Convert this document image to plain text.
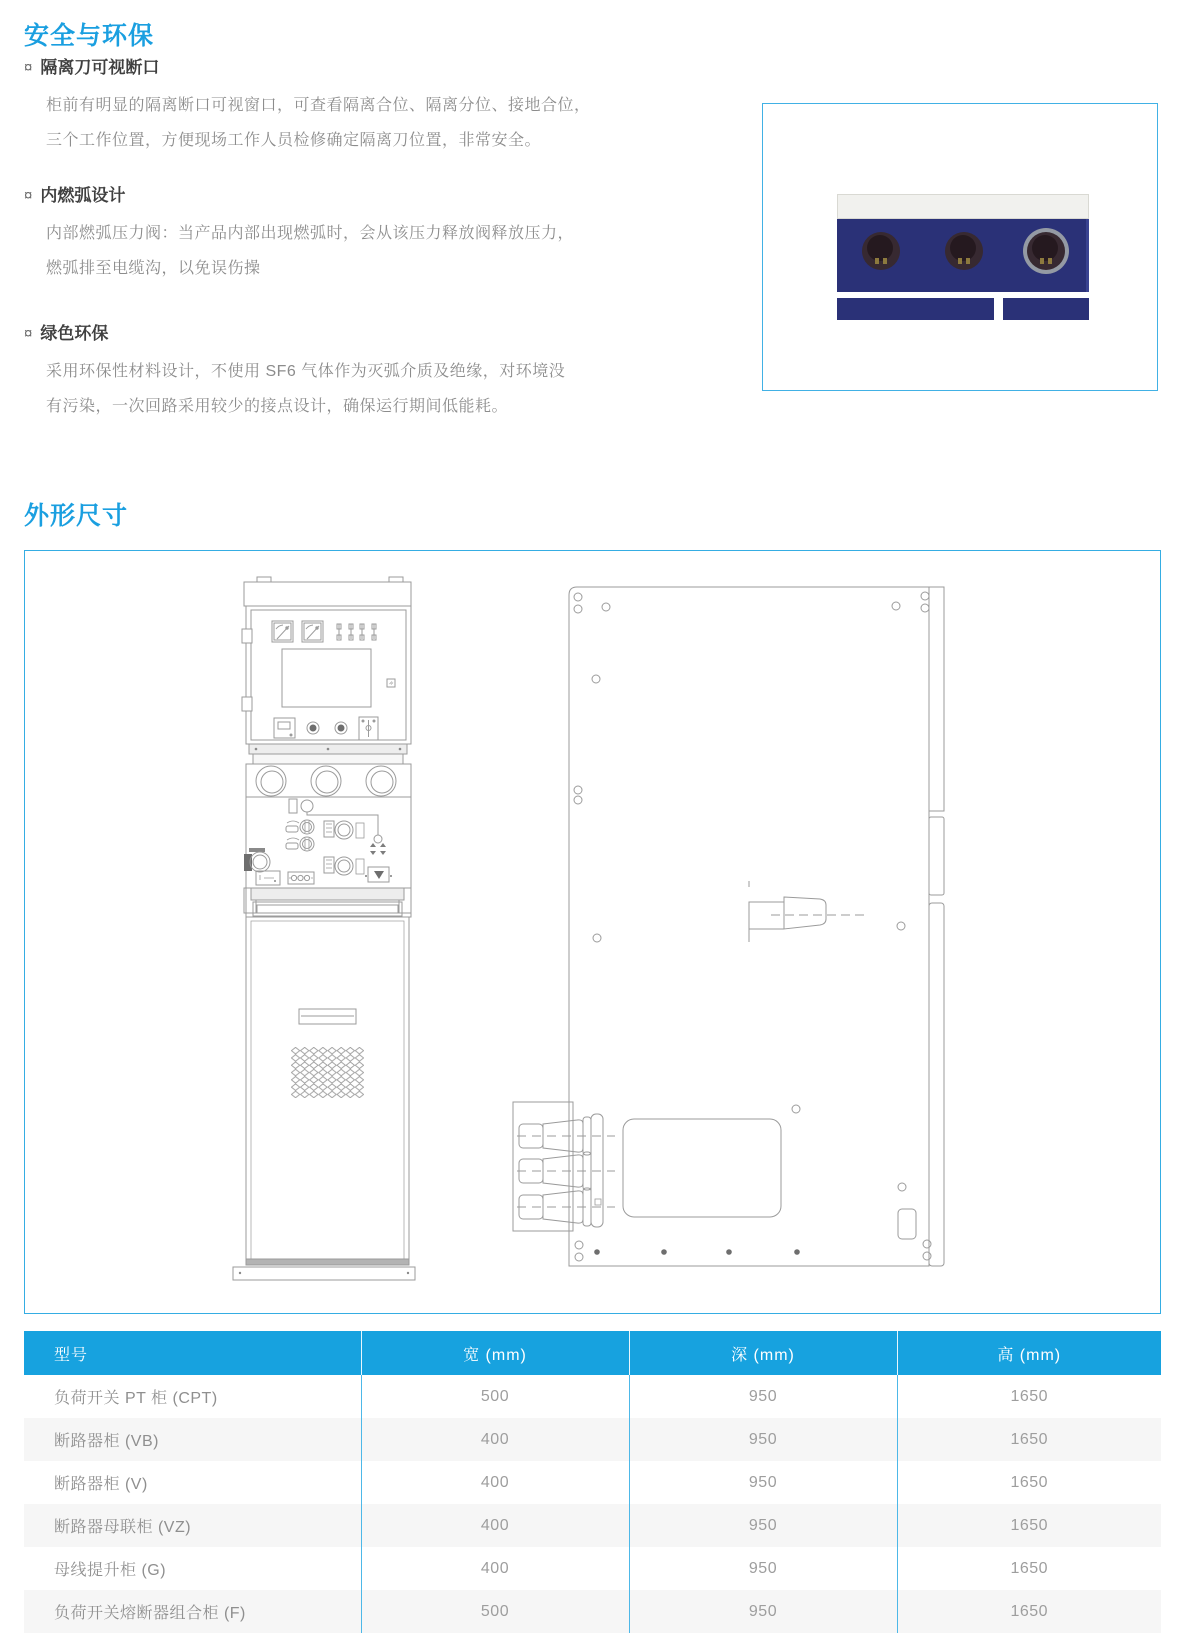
安全与环保
¤ 隔离刀可视断口

柜前有明显的隔离断口可视窗口，可查看隔离合位、隔离分位、接地合位，
三个工作位置，方便现场工作人员检修确定隔离刀位置，非常安全。

¤ 内燃弧设计

内部燃弧压力阀：当产品内部出现燃弧时，会从该压力释放阀释放压力，
燃弧排至电缆沟，以免误伤操

¤ 绿色环保

采用环保性材料设计，不使用 SF6 气体作为灭弧介质及绝缘，对环境没
有污染，一次回路采用较少的接点设计，确保运行期间低能耗。

外形尺寸
型号	宽 (mm)	深 (mm)	高 (mm)
负荷开关 PT 柜 (CPT)	500	950	1650
断路器柜 (VB)	400	950	1650
断路器柜 (V)	400	950	1650
断路器母联柜 (VZ)	400	950	1650
母线提升柜 (G)	400	950	1650
负荷开关熔断器组合柜 (F)	500	950	1650
